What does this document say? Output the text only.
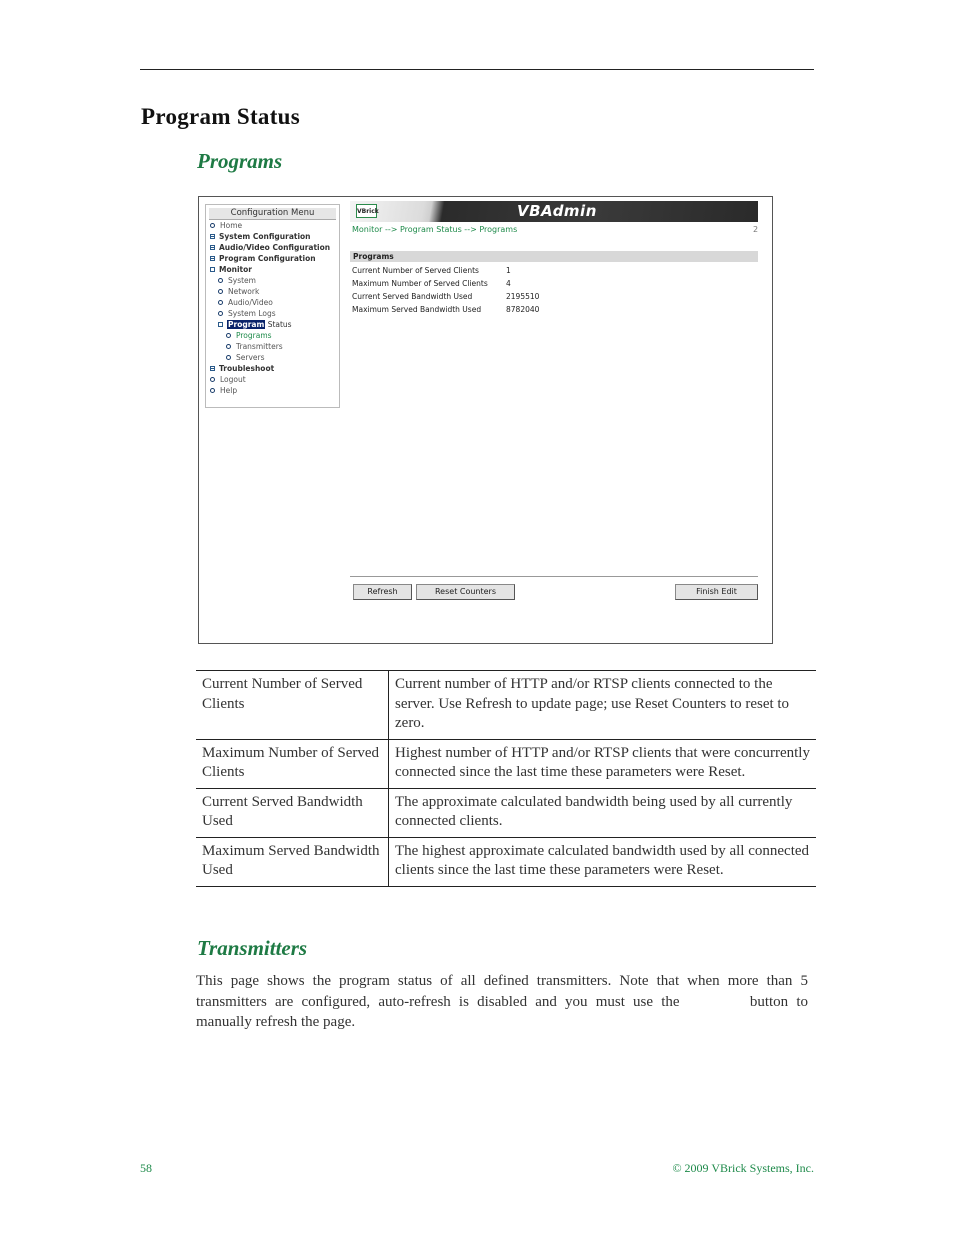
Program Status
Programs
Configuration Menu
Home
System Configuration
Audio/Video Configuration
Program Configuration
Monitor
System
Network
Audio/Video
System Logs
Program Status
Programs
Transmitters
Servers
Troubleshoot
Logout
Help
VBrick	VBAdmin
Monitor --> Program Status --> Programs	2
Programs
Current Number of Served Clients	1
Maximum Number of Served Clients 4
Current Served Bandwidth Used	2195510
Maximum Served Bandwidth Used	8782040
Refresh	Reset Counters	Finish Edit
Current Number of Served Clients	Current number of HTTP and/or RTSP clients connected to the server. Use Refresh to update page; use Reset Counters to reset to zero.
Maximum Number of Served Clients	Highest number of HTTP and/or RTSP clients that were concurrently connected since the last time these parameters were Reset.
Current Served Bandwidth Used	The approximate calculated bandwidth being used by all currently connected clients.
Maximum Served Bandwidth Used	The highest approximate calculated bandwidth used by all connected clients since the last time these parameters were Reset.
Transmitters

This page shows the program status of all defined transmitters. Note that when more than 5 transmitters are configured, auto-refresh is disabled and you must use the	button to manually refresh the page.

58	© 2009 VBrick Systems, Inc.
